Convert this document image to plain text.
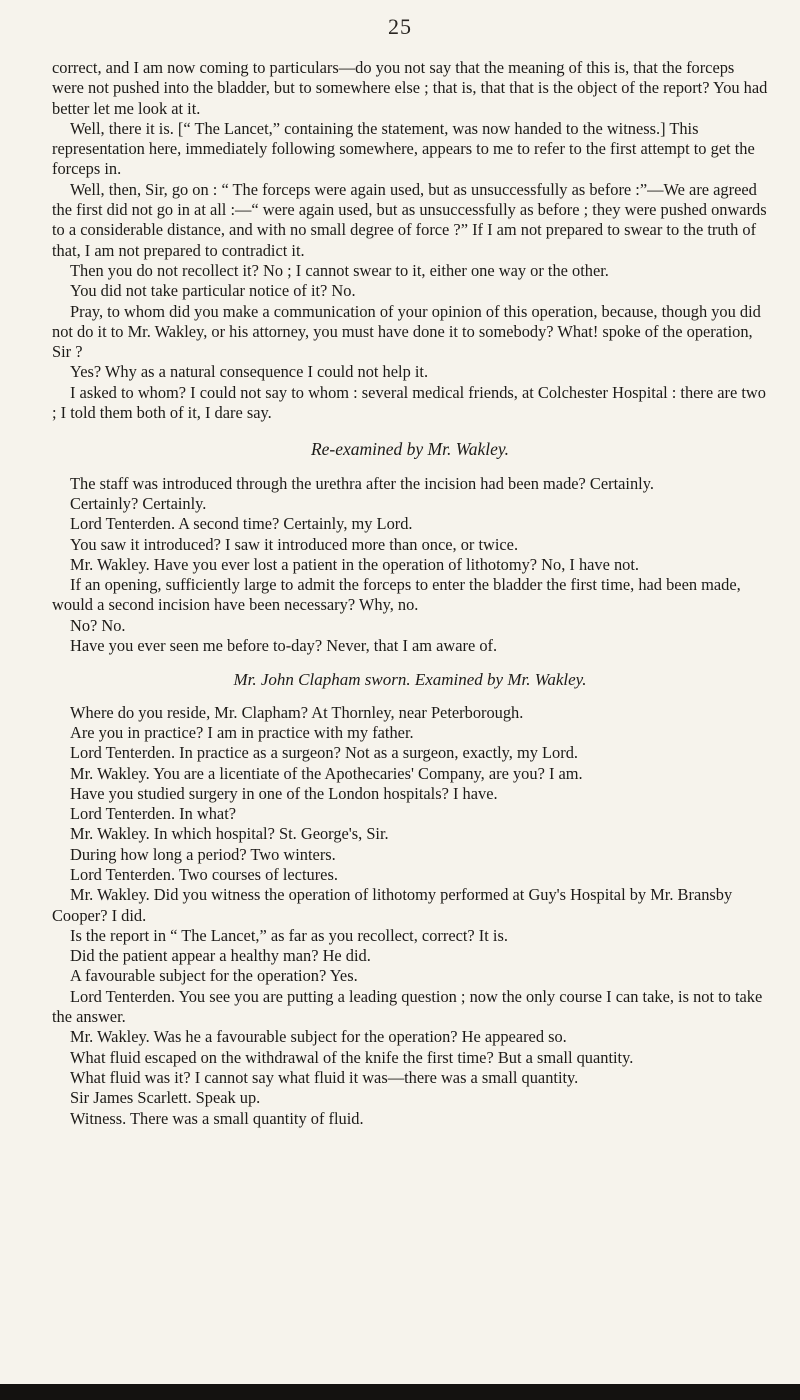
25

correct, and I am now coming to particulars—do you not say that the meaning of this is, that the forceps were not pushed into the bladder, but to somewhere else ; that is, that that is the object of the report? You had better let me look at it.

Well, there it is. [“ The Lancet,” containing the statement, was now handed to the witness.] This representation here, immediately following somewhere, appears to me to refer to the first attempt to get the forceps in.

Well, then, Sir, go on : “ The forceps were again used, but as unsuccessfully as before :”—We are agreed the first did not go in at all :—“ were again used, but as unsuccessfully as before ; they were pushed onwards to a considerable distance, and with no small degree of force ?” If I am not prepared to swear to the truth of that, I am not prepared to contradict it.

Then you do not recollect it? No ; I cannot swear to it, either one way or the other.

You did not take particular notice of it? No.

Pray, to whom did you make a communication of your opinion of this operation, because, though you did not do it to Mr. Wakley, or his attorney, you must have done it to somebody? What! spoke of the operation, Sir ?

Yes? Why as a natural consequence I could not help it.

I asked to whom? I could not say to whom : several medical friends, at Colchester Hospital : there are two ; I told them both of it, I dare say.

Re-examined by Mr. Wakley.

The staff was introduced through the urethra after the incision had been made? Certainly.

Certainly? Certainly.

Lord Tenterden. A second time? Certainly, my Lord.

You saw it introduced? I saw it introduced more than once, or twice.

Mr. Wakley. Have you ever lost a patient in the operation of lithotomy? No, I have not.

If an opening, sufficiently large to admit the forceps to enter the bladder the first time, had been made, would a second incision have been necessary? Why, no.

No? No.

Have you ever seen me before to-day? Never, that I am aware of.

Mr. John Clapham sworn. Examined by Mr. Wakley.

Where do you reside, Mr. Clapham? At Thornley, near Peterborough.

Are you in practice? I am in practice with my father.

Lord Tenterden. In practice as a surgeon? Not as a surgeon, exactly, my Lord.

Mr. Wakley. You are a licentiate of the Apothecaries' Company, are you? I am.

Have you studied surgery in one of the London hospitals? I have.

Lord Tenterden. In what?

Mr. Wakley. In which hospital? St. George's, Sir.

During how long a period? Two winters.

Lord Tenterden. Two courses of lectures.

Mr. Wakley. Did you witness the operation of lithotomy performed at Guy's Hospital by Mr. Bransby Cooper? I did.

Is the report in “ The Lancet,” as far as you recollect, correct? It is.

Did the patient appear a healthy man? He did.

A favourable subject for the operation? Yes.

Lord Tenterden. You see you are putting a leading question ; now the only course I can take, is not to take the answer.

Mr. Wakley. Was he a favourable subject for the operation? He appeared so.

What fluid escaped on the withdrawal of the knife the first time? But a small quantity.

What fluid was it? I cannot say what fluid it was—there was a small quantity.

Sir James Scarlett. Speak up.

Witness. There was a small quantity of fluid.
